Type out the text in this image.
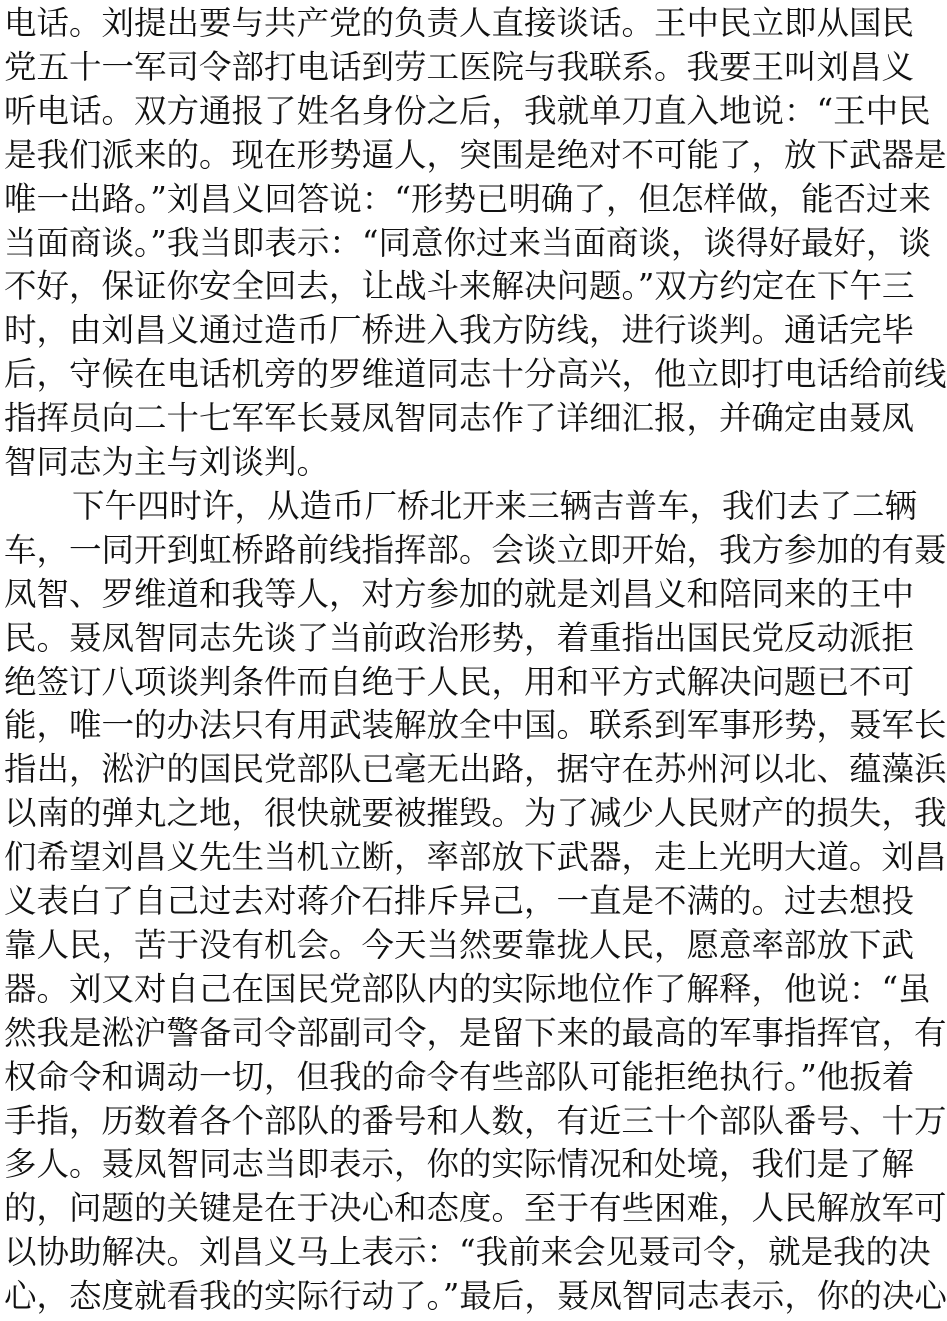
电话。刘提出要与共产党的负责人直接谈话。王中民立即从国民
党五十一军司令部打电话到劳工医院与我联系。我要王叫刘昌义
听电话。双方通报了姓名身份之后，我就单刀直入地说：“王中民
是我们派来的。现在形势逼人，突围是绝对不可能了，放下武器是
唯一出路。”刘昌义回答说：“形势已明确了，但怎样做，能否过来
当面商谈。”我当即表示：“同意你过来当面商谈，谈得好最好，谈
不好，保证你安全回去，让战斗来解决问题。”双方约定在下午三
时，由刘昌义通过造币厂桥进入我方防线，进行谈判。通话完毕
后，守候在电话机旁的罗维道同志十分高兴，他立即打电话给前线
指挥员向二十七军军长聂凤智同志作了详细汇报，并确定由聂凤
智同志为主与刘谈判。
下午四时许，从造币厂桥北开来三辆吉普车，我们去了二辆
车，一同开到虹桥路前线指挥部。会谈立即开始，我方参加的有聂
凤智、罗维道和我等人，对方参加的就是刘昌义和陪同来的王中
民。聂凤智同志先谈了当前政治形势，着重指出国民党反动派拒
绝签订八项谈判条件而自绝于人民，用和平方式解决问题已不可
能，唯一的办法只有用武装解放全中国。联系到军事形势，聂军长
指出，淞沪的国民党部队已毫无出路，据守在苏州河以北、蕴藻浜
以南的弹丸之地，很快就要被摧毁。为了减少人民财产的损失，我
们希望刘昌义先生当机立断，率部放下武器，走上光明大道。刘昌
义表白了自己过去对蒋介石排斥异己，一直是不满的。过去想投
靠人民，苦于没有机会。今天当然要靠拢人民，愿意率部放下武
器。刘又对自己在国民党部队内的实际地位作了解释，他说：“虽
然我是淞沪警备司令部副司令，是留下来的最高的军事指挥官，有
权命令和调动一切，但我的命令有些部队可能拒绝执行。”他扳着
手指，历数着各个部队的番号和人数，有近三十个部队番号、十万
多人。聂凤智同志当即表示，你的实际情况和处境，我们是了解
的，问题的关键是在于决心和态度。至于有些困难，人民解放军可
以协助解决。刘昌义马上表示：“我前来会见聂司令，就是我的决
心，态度就看我的实际行动了。”最后，聂凤智同志表示，你的决心
